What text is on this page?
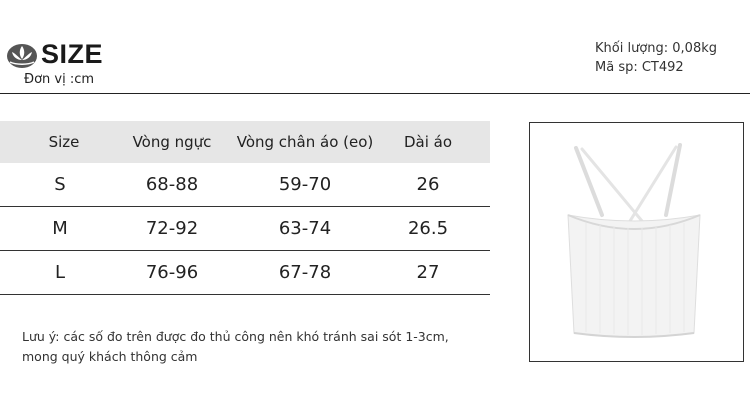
SIZE
Đơn vị :cm
Khối lượng: 0,08kg
Mã sp: CT492
Size	Vòng ngực	Vòng chân áo (eo)	Dài áo
S	68-88	59-70	26
M	72-92	63-74	26.5
L	76-96	67-78	27
Lưu ý: các số đo trên được đo thủ công nên khó tránh sai sót 1-3cm,
mong quý khách thông cảm
